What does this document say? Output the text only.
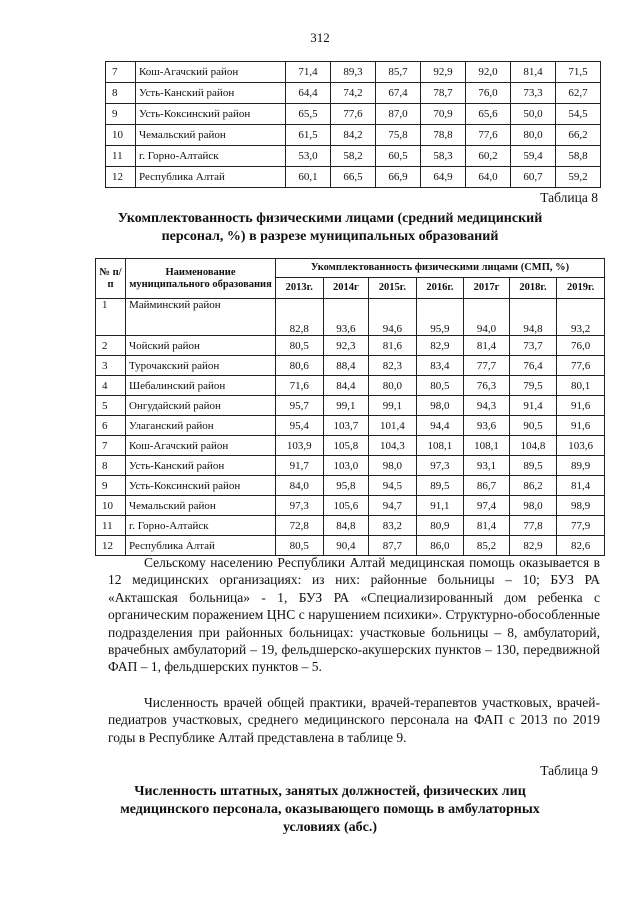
312
7	Кош-Агачский район	71,4	89,3	85,7	92,9	92,0	81,4	71,5
8	Усть-Канский район	64,4	74,2	67,4	78,7	76,0	73,3	62,7
9	Усть-Коксинский район	65,5	77,6	87,0	70,9	65,6	50,0	54,5
10	Чемальский район	61,5	84,2	75,8	78,8	77,6	80,0	66,2
11	г. Горно-Алтайск	53,0	58,2	60,5	58,3	60,2	59,4	58,8
12	Республика Алтай	60,1	66,5	66,9	64,9	64,0	60,7	59,2
Таблица 8
Укомплектованность физическими лицами (средний медицинский персонал, %) в разрезе муниципальных образований
№ п/п	Наименование муниципального образования	Укомплектованность физическими лицами (СМП, %)						
		2013г.	2014г	2015г.	2016г.	2017г	2018г.	2019г.
1	Майминский район	82,8	93,6	94,6	95,9	94,0	94,8	93,2
2	Чойский район	80,5	92,3	81,6	82,9	81,4	73,7	76,0
3	Турочакский район	80,6	88,4	82,3	83,4	77,7	76,4	77,6
4	Шебалинский район	71,6	84,4	80,0	80,5	76,3	79,5	80,1
5	Онгудайский район	95,7	99,1	99,1	98,0	94,3	91,4	91,6
6	Улаганский район	95,4	103,7	101,4	94,4	93,6	90,5	91,6
7	Кош-Агачский район	103,9	105,8	104,3	108,1	108,1	104,8	103,6
8	Усть-Канский район	91,7	103,0	98,0	97,3	93,1	89,5	89,9
9	Усть-Коксинский район	84,0	95,8	94,5	89,5	86,7	86,2	81,4
10	Чемальский район	97,3	105,6	94,7	91,1	97,4	98,0	98,9
11	г. Горно-Алтайск	72,8	84,8	83,2	80,9	81,4	77,8	77,9
12	Республика Алтай	80,5	90,4	87,7	86,0	85,2	82,9	82,6
Сельскому населению Республики Алтай медицинская помощь оказывается в 12 медицинских организациях: из них: районные больницы – 10; БУЗ РА «Акташская больница» - 1, БУЗ РА «Специализированный дом ребенка с органическим поражением ЦНС с нарушением психики». Структурно-обособленные подразделения при районных больницах: участковые больницы – 8, амбулаторий, врачебных амбулаторий – 19, фельдшерско-акушерских пунктов – 130, передвижной ФАП – 1, фельдшерских пунктов – 5.
Численность врачей общей практики, врачей-терапевтов участковых, врачей-педиатров участковых, среднего медицинского персонала на ФАП с 2013 по 2019 годы в Республике Алтай представлена в таблице 9.
Таблица 9
Численность штатных, занятых должностей, физических лиц медицинского персонала, оказывающего помощь в амбулаторных условиях (абс.)
